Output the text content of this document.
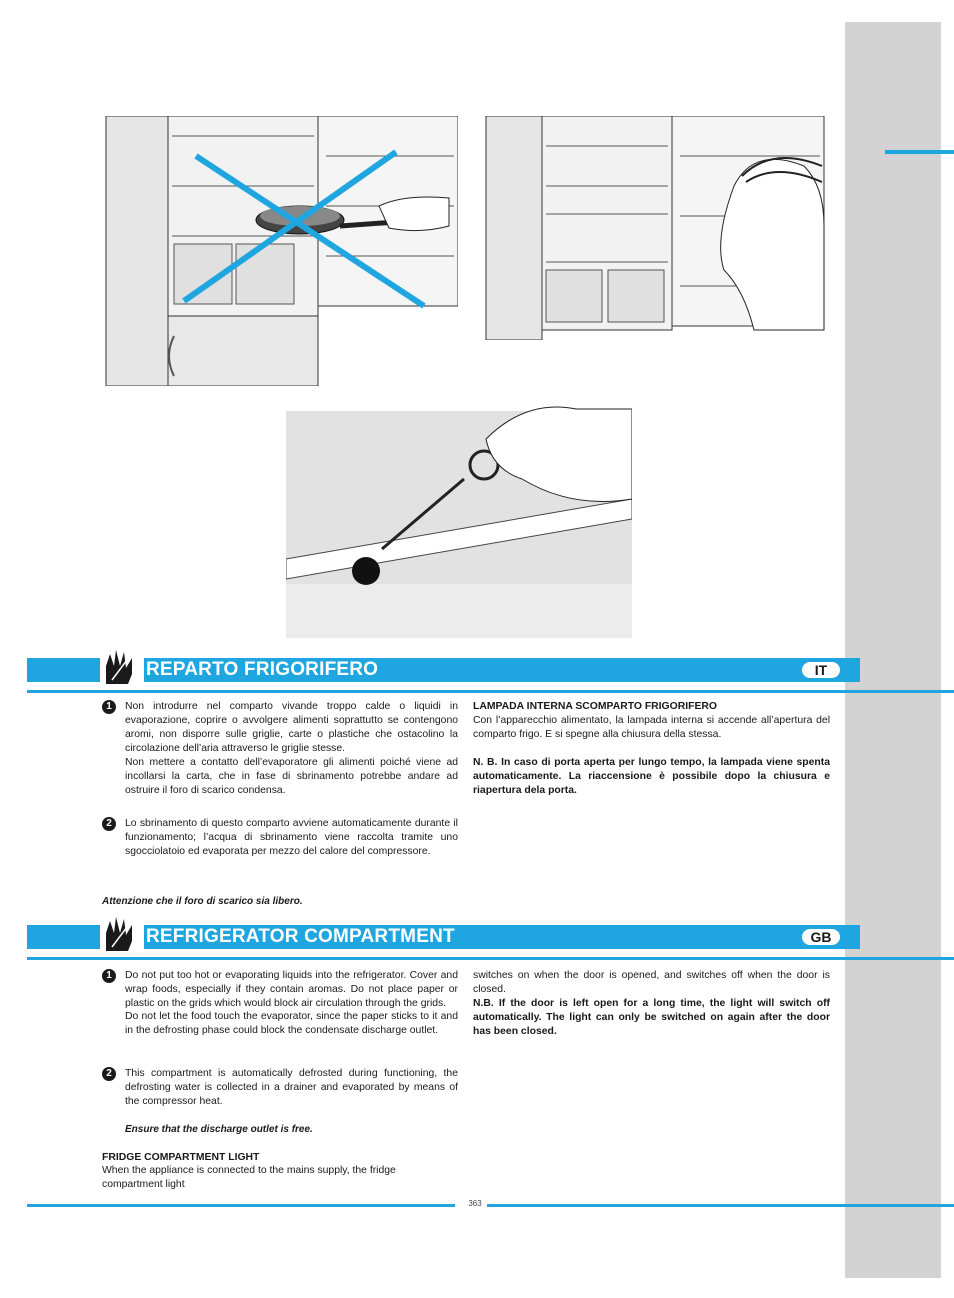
REPARTO FRIGORIFERO	IT
1	Non introdurre nel comparto vivande troppo calde o liquidi in evaporazione, coprire o avvolgere alimenti soprattutto se contengono aromi, non disporre sulle griglie, carte o plastiche che ostacolino la circolazione dell’aria attraverso le griglie stesse.
Non mettere a contatto dell’evaporatore gli alimenti poiché viene ad incollarsi la carta, che in fase di sbrinamento potrebbe andare ad ostruire il foro di scarico condensa.
2	Lo sbrinamento di questo comparto avviene automaticamente durante il funzionamento; l’acqua di sbrinamento viene raccolta tramite uno sgocciolatoio ed evaporata per mezzo del calore del compressore.
Attenzione che il foro di scarico sia libero.
LAMPADA INTERNA SCOMPARTO FRIGORIFERO
Con l’apparecchio alimentato, la lampada interna si accende all’apertura del comparto frigo. E si spegne alla chiusura della stessa.
N. B. In caso di porta aperta per lungo tempo, la lampada viene spenta automaticamente. La riaccensione è possibile dopo la chiusura e riapertura dela porta.
REFRIGERATOR COMPARTMENT	GB
1	Do not put too hot or evaporating liquids into the refrigerator. Cover and wrap foods, especially if they contain aromas. Do not place paper or plastic on the grids which would block air circulation through the grids.
Do not let the food touch the evaporator, since the paper sticks to it and in the defrosting phase could block the condensate discharge outlet.
2	This compartment is automatically defrosted during functioning, the defrosting water is collected in a drainer and evaporated by means of the compressor heat.
Ensure that the discharge outlet is free.
FRIDGE COMPARTMENT LIGHT
When the appliance is connected to the mains supply, the fridge compartment light
switches on when the door is opened, and switches off when the door is closed.
N.B. If the door is left open for a long time, the light will switch off automatically. The light can only be switched on again after the door has been closed.
363
